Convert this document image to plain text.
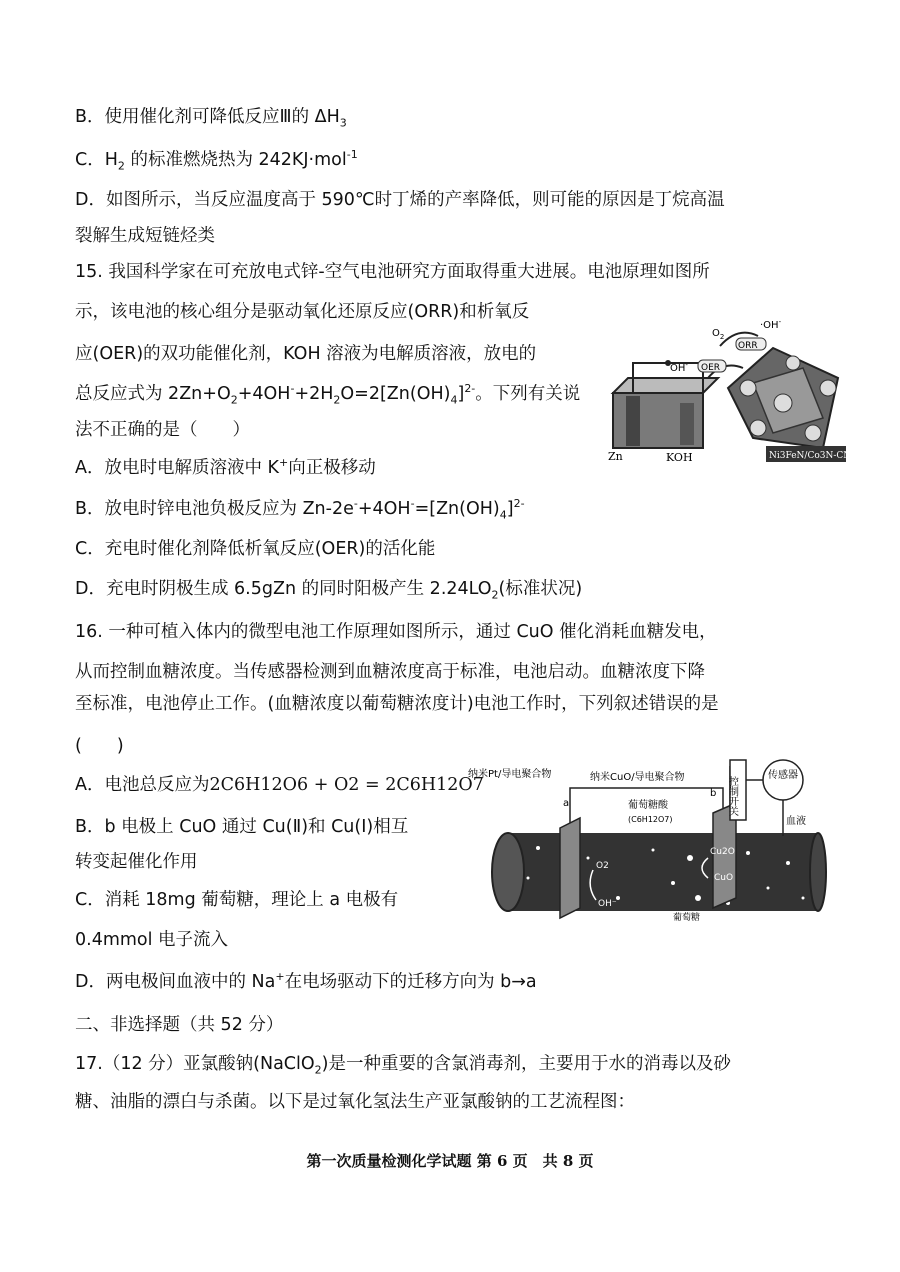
B．使用催化剂可降低反应Ⅲ的 $\Delta H_3$
C．$H_2$ 的标准燃烧热为 242KJ·mol$^{-1}$
D．如图所示，当反应温度高于 590℃时丁烯的产率降低，则可能的原因是丁烷高温
裂解生成短链烃类
15. 我国科学家在可充放电式锌-空气电池研究方面取得重大进展。电池原理如图所
示，该电池的核心组分是驱动氧化还原反应(ORR)和析氧反
应(OER)的双功能催化剂，KOH 溶液为电解质溶液，放电的
总反应式为 $2Zn+O_2+4OH^-+2H_2O=2[Zn(OH)_4]^{2-}$。下列有关说
法不正确的是（　　）
A．放电时电解质溶液中 K+向正极移动
B．放电时锌电池负极反应为 $Zn-2e^-+4OH^-=[Zn(OH)_4]^{2-}$
C．充电时催化剂降低析氧反应(OER)的活化能
D．充电时阴极生成 6.5gZn 的同时阳极产生 $2.24LO_2$(标准状况)
Zn	KOH
ORR
OER
$O_2$
·OH-
OH-
Ni3FeN/Co3N-CNF
16. 一种可植入体内的微型电池工作原理如图所示，通过 CuO 催化消耗血糖发电，
从而控制血糖浓度。当传感器检测到血糖浓度高于标准，电池启动。血糖浓度下降
至标准，电池停止工作。(血糖浓度以葡萄糖浓度计)电池工作时，下列叙述错误的是
(　　)
A．电池总反应为2C6H12O6 + O2 = 2C6H12O7
B．b 电极上 CuO 通过 Cu(Ⅱ)和 Cu(Ⅰ)相互
转变起催化作用
C．消耗 18mg 葡萄糖，理论上 a 电极有
0.4mmol 电子流入
D．两电极间血液中的 Na+在电场驱动下的迁移方向为 b→a
控制开关
传感器
纳米Pt/导电聚合物
a
纳米CuO/导电聚合物
b
血液
葡萄糖酸
(C6H12O7)
Cu2O
CuO
O2
OH⁻
葡萄糖
二、非选择题（共 52 分）
17.（12 分）亚氯酸钠(NaClO$_2$)是一种重要的含氯消毒剂，主要用于水的消毒以及砂
糖、油脂的漂白与杀菌。以下是过氧化氢法生产亚氯酸钠的工艺流程图：
第一次质量检测化学试题 第 6 页　共 8 页
